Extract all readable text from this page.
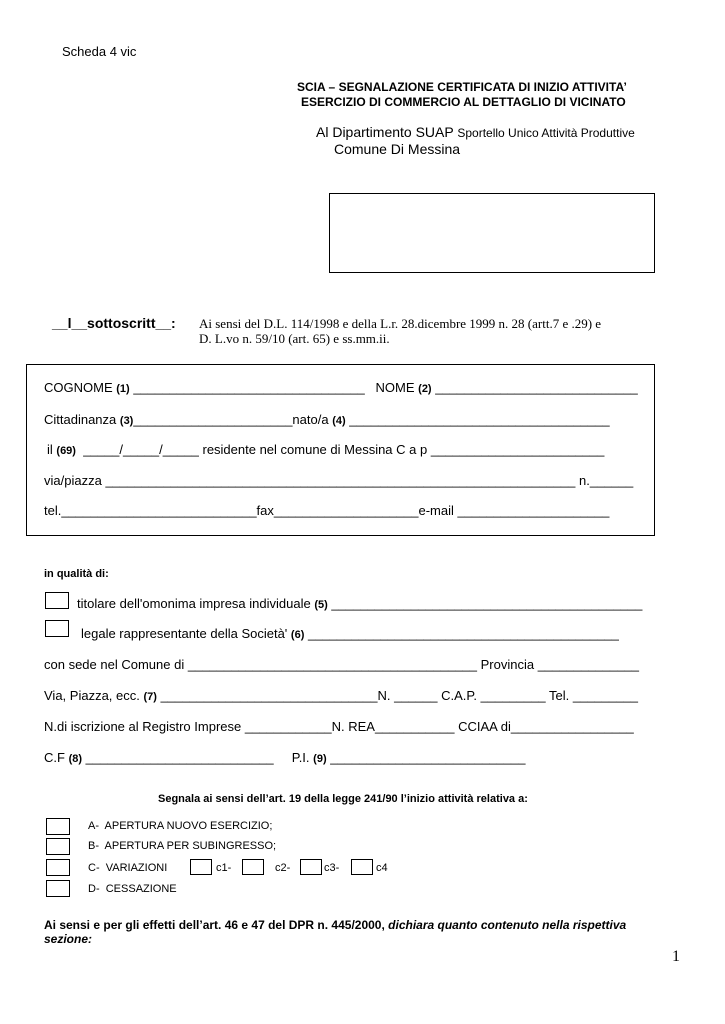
Scheda 4 vic
SCIA – SEGNALAZIONE CERTIFICATA DI INIZIO ATTIVITA’
ESERCIZIO DI COMMERCIO AL DETTAGLIO DI VICINATO
Al Dipartimento SUAP Sportello Unico Attività Produttive
Comune Di Messina
__l__sottoscritt__: Ai sensi del D.L. 114/1998 e della L.r. 28.dicembre 1999 n. 28 (artt.7 e .29) e
D. L.vo n. 59/10 (art. 65) e ss.mm.ii.
COGNOME (1) ________________________________ NOME (2) ____________________________
Cittadinanza (3)______________________nato/a (4) ____________________________________
il (69) _____/_____/_____ residente nel comune di Messina C a p ________________________
via/piazza _________________________________________________________________ n.______
tel.___________________________fax____________________e-mail _____________________
in qualità di:
titolare dell'omonima impresa individuale (5) ___________________________________________
legale rappresentante della Società' (6) ___________________________________________
con sede nel Comune di ________________________________________ Provincia ______________
Via, Piazza, ecc. (7) ______________________________N. ______ C.A.P. _________ Tel. _________
N.di iscrizione al Registro Imprese ____________N. REA___________ CCIAA di_________________
C.F (8) __________________________ P.I. (9) ___________________________
Segnala ai sensi dell’art. 19 della legge 241/90 l’inizio attività relativa a:
A- APERTURA NUOVO ESERCIZIO;
B- APERTURA PER SUBINGRESSO;
C- VARIAZIONI	c1-	c2-	c3-	c4
D- CESSAZIONE
Ai sensi e per gli effetti dell’art. 46 e 47 del DPR n. 445/2000, dichiara quanto contenuto nella rispettiva
sezione:
1
